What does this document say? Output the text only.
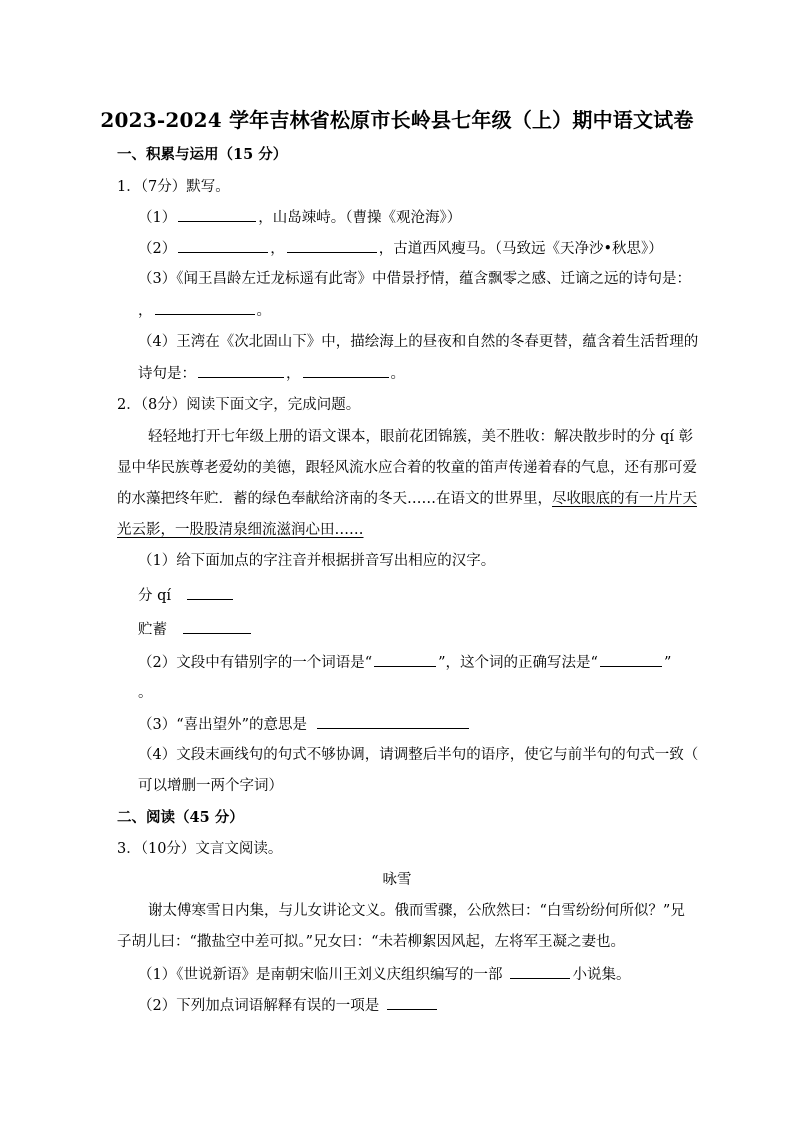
2023-2024 学年吉林省松原市长岭县七年级（上）期中语文试卷
一、积累与运用（15 分）
1．（7分）默写。
（1）	，山岛竦峙。（曹操《观沧海》）
（2）	，	，古道西风瘦马。（马致远《天净沙•秋思》）
（3）《闻王昌龄左迁龙标遥有此寄》中借景抒情，蕴含飘零之感、迁谪之远的诗句是：
，	。
（4）王湾在《次北固山下》中，描绘海上的昼夜和自然的冬春更替，蕴含着生活哲理的
诗句是：	，	。
2．（8分）阅读下面文字，完成问题。
轻轻地打开七年级上册的语文课本，眼前花团锦簇，美不胜收：解决散步时的分 qí 彰
显中华民族尊老爱幼的美德，跟轻风流水应合着的牧童的笛声传递着春的气息，还有那可爱
的水藻把终年贮．蓄的绿色奉献给济南的冬天……在语文的世界里，尽收眼底的有一片片天
光云影，一股股清泉细流滋润心田……
（1）给下面加点的字注音并根据拼音写出相应的汉字。
分 qí
贮蓄
（2）文段中有错别字的一个词语是“	”，这个词的正确写法是“	”
。
（3）“喜出望外”的意思是
（4）文段末画线句的句式不够协调，请调整后半句的语序，使它与前半句的句式一致（
可以增删一两个字词）
二、阅读（45 分）
3．（10分）文言文阅读。
咏雪
谢太傅寒雪日内集，与儿女讲论文义。俄而雪骤，公欣然曰：“白雪纷纷何所似？”兄
子胡儿曰：“撒盐空中差可拟。”兄女曰：“未若柳絮因风起，左将军王凝之妻也。
（1）《世说新语》是南朝宋临川王刘义庆组织编写的一部	小说集。
（2）下列加点词语解释有误的一项是
